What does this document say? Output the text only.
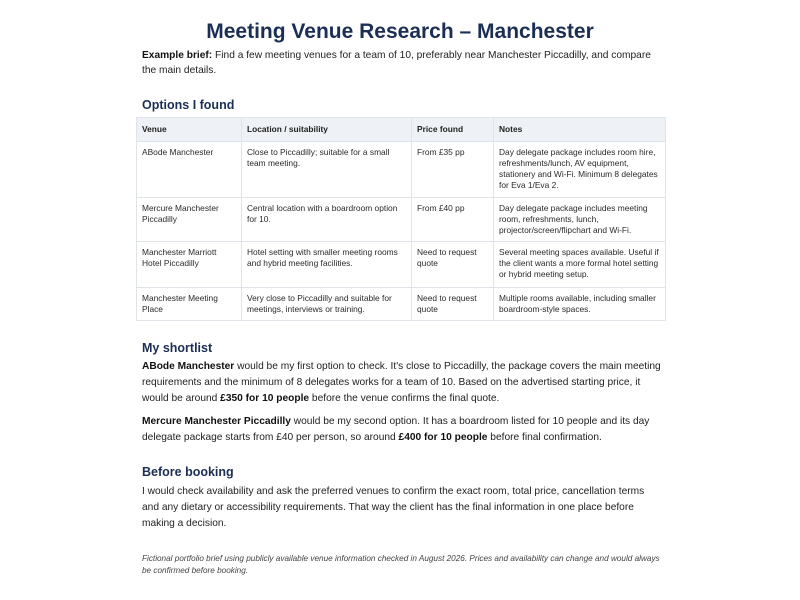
Meeting Venue Research – Manchester

Example brief: Find a few meeting venues for a team of 10, preferably near Manchester Piccadilly, and compare the main details.

Options I found
Venue	Location / suitability	Price found	Notes
ABode Manchester	Close to Piccadilly; suitable for a small team meeting.	From £35 pp	Day delegate package includes room hire, refreshments/lunch, AV equipment, stationery and Wi-Fi. Minimum 8 delegates for Eva 1/Eva 2.
Mercure Manchester Piccadilly	Central location with a boardroom option for 10.	From £40 pp	Day delegate package includes meeting room, refreshments, lunch, projector/screen/flipchart and Wi-Fi.
Manchester Marriott Hotel Piccadilly	Hotel setting with smaller meeting rooms and hybrid meeting facilities.	Need to request quote	Several meeting spaces available. Useful if the client wants a more formal hotel setting or hybrid meeting setup.
Manchester Meeting Place	Very close to Piccadilly and suitable for meetings, interviews or training.	Need to request quote	Multiple rooms available, including smaller boardroom-style spaces.
My shortlist

ABode Manchester would be my first option to check. It's close to Piccadilly, the package covers the main meeting requirements and the minimum of 8 delegates works for a team of 10. Based on the advertised starting price, it would be around £350 for 10 people before the venue confirms the final quote.

Mercure Manchester Piccadilly would be my second option. It has a boardroom listed for 10 people and its day delegate package starts from £40 per person, so around £400 for 10 people before final confirmation.

Before booking

I would check availability and ask the preferred venues to confirm the exact room, total price, cancellation terms and any dietary or accessibility requirements. That way the client has the final information in one place before making a decision.

Fictional portfolio brief using publicly available venue information checked in August 2026. Prices and availability can change and would always be confirmed before booking.
